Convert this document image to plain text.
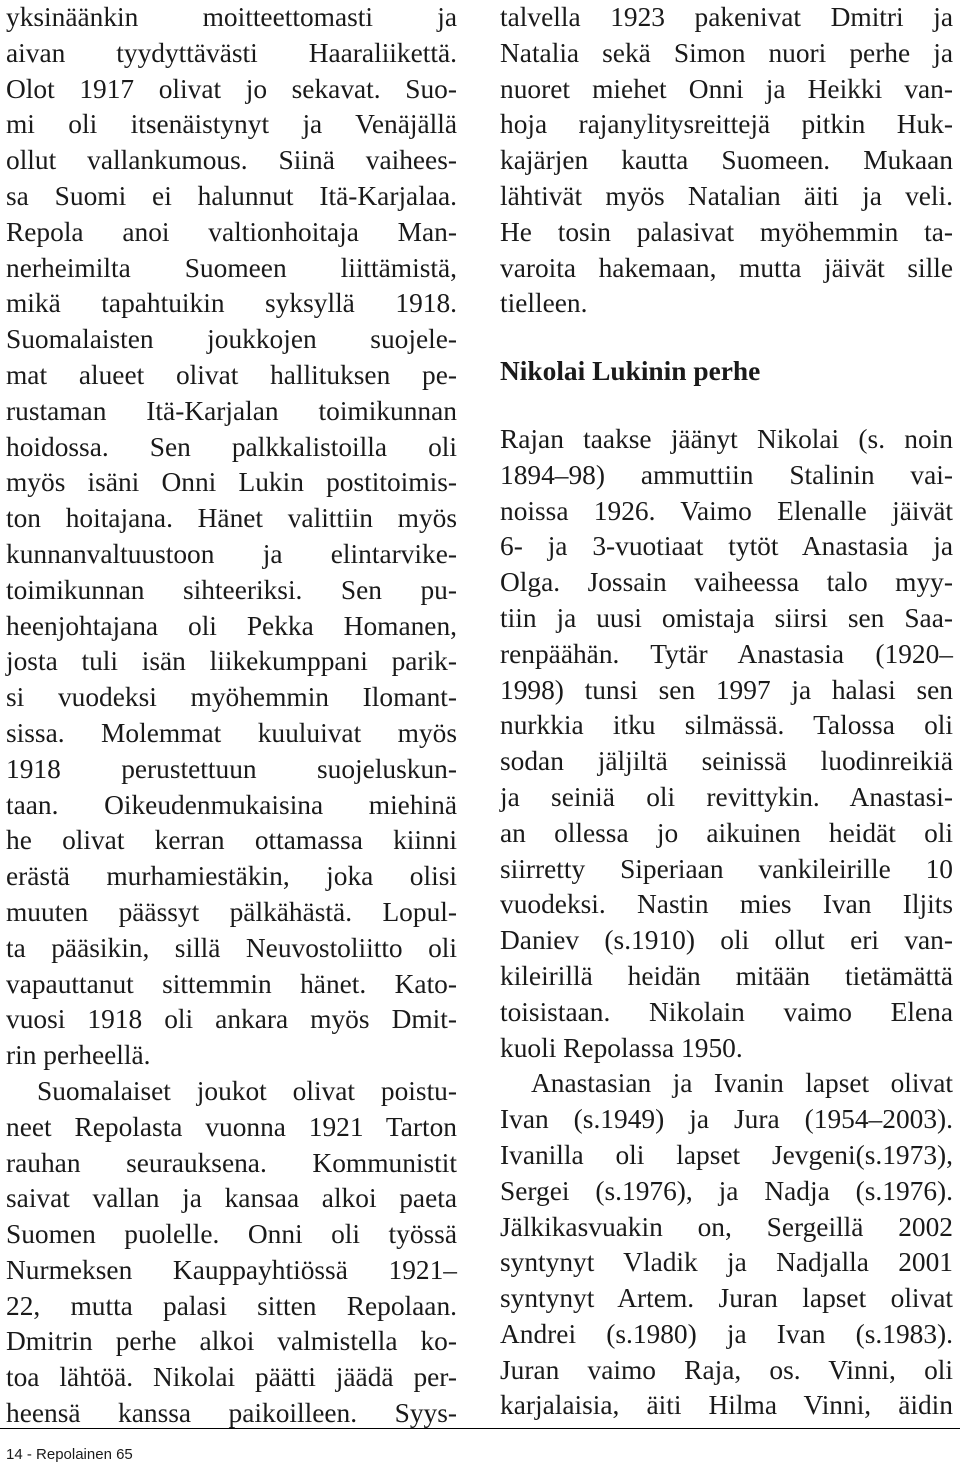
yksinäänkin moitteettomasti ja
aivan tyydyttävästi Haaraliikettä.
Olot 1917 olivat jo sekavat. Suo-
mi oli itsenäistynyt ja Venäjällä
ollut vallankumous. Siinä vaihees-
sa Suomi ei halunnut Itä-Karjalaa.
Repola anoi valtionhoitaja Man-
nerheimilta Suomeen liittämistä,
mikä tapahtuikin syksyllä 1918.
Suomalaisten joukkojen suojele-
mat alueet olivat hallituksen pe-
rustaman Itä-Karjalan toimikunnan
hoidossa. Sen palkkalistoilla oli
myös isäni Onni Lukin postitoimis-
ton hoitajana. Hänet valittiin myös
kunnanvaltuustoon ja elintarvike-
toimikunnan sihteeriksi. Sen pu-
heenjohtajana oli Pekka Homanen,
josta tuli isän liikekumppani parik-
si vuodeksi myöhemmin Ilomant-
sissa. Molemmat kuuluivat myös
1918 perustettuun suojeluskun-
taan. Oikeudenmukaisina miehinä
he olivat kerran ottamassa kiinni
erästä murhamiestäkin, joka olisi
muuten päässyt pälkähästä. Lopul-
ta pääsikin, sillä Neuvostoliitto oli
vapauttanut sittemmin hänet. Kato-
vuosi 1918 oli ankara myös Dmit-
rin perheellä.
Suomalaiset joukot olivat poistu-
neet Repolasta vuonna 1921 Tarton
rauhan seurauksena. Kommunistit
saivat vallan ja kansaa alkoi paeta
Suomen puolelle. Onni oli työssä
Nurmeksen Kauppayhtiössä 1921–
22, mutta palasi sitten Repolaan.
Dmitrin perhe alkoi valmistella ko-
toa lähtöä. Nikolai päätti jäädä per-
heensä kanssa paikoilleen. Syys-
talvella 1923 pakenivat Dmitri ja
Natalia sekä Simon nuori perhe ja
nuoret miehet Onni ja Heikki van-
hoja rajanylitysreittejä pitkin Huk-
kajärjen kautta Suomeen. Mukaan
lähtivät myös Natalian äiti ja veli.
He tosin palasivat myöhemmin ta-
varoita hakemaan, mutta jäivät sille
tielleen.
Nikolai Lukinin perhe
Rajan taakse jäänyt Nikolai (s. noin
1894–98) ammuttiin Stalinin vai-
noissa 1926. Vaimo Elenalle jäivät
6- ja 3-vuotiaat tytöt Anastasia ja
Olga. Jossain vaiheessa talo myy-
tiin ja uusi omistaja siirsi sen Saa-
renpäähän. Tytär Anastasia (1920–
1998) tunsi sen 1997 ja halasi sen
nurkkia itku silmässä. Talossa oli
sodan jäljiltä seinissä luodinreikiä
ja seiniä oli revittykin. Anastasi-
an ollessa jo aikuinen heidät oli
siirretty Siperiaan vankileirille 10
vuodeksi. Nastin mies Ivan Iljits
Daniev (s.1910) oli ollut eri van-
kileirillä heidän mitään tietämättä
toisistaan. Nikolain vaimo Elena
kuoli Repolassa 1950.
Anastasian ja Ivanin lapset olivat
Ivan (s.1949) ja Jura (1954–2003).
Ivanilla oli lapset Jevgeni(s.1973),
Sergei (s.1976), ja Nadja (s.1976).
Jälkikasvuakin on, Sergeillä 2002
syntynyt Vladik ja Nadjalla 2001
syntynyt Artem. Juran lapset olivat
Andrei (s.1980) ja Ivan (s.1983).
Juran vaimo Raja, os. Vinni, oli
karjalaisia, äiti Hilma Vinni, äidin
14 - Repolainen 65
